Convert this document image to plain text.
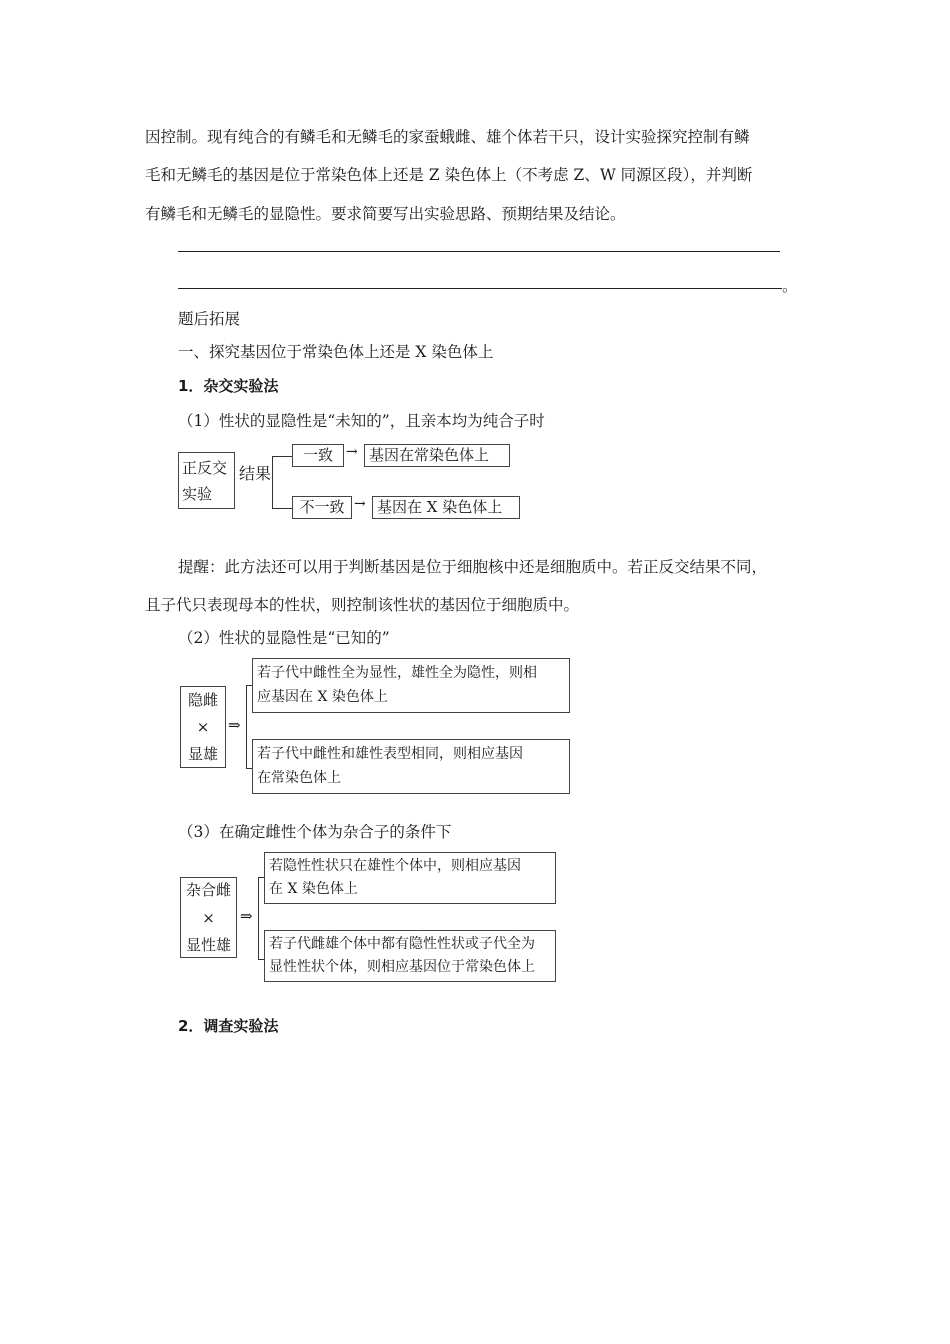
因控制。现有纯合的有鳞毛和无鳞毛的家蚕蛾雌、雄个体若干只，设计实验探究控制有鳞
毛和无鳞毛的基因是位于常染色体上还是 Z 染色体上（不考虑 Z、W 同源区段），并判断
有鳞毛和无鳞毛的显隐性。要求简要写出实验思路、预期结果及结论。
。
题后拓展
一、探究基因位于常染色体上还是 X 染色体上
1．杂交实验法
（1）性状的显隐性是“未知的”，且亲本均为纯合子时
正反交
实验
结果
一致 → 基因在常染色体上
不一致 → 基因在 X 染色体上
提醒：此方法还可以用于判断基因是位于细胞核中还是细胞质中。若正反交结果不同，
且子代只表现母本的性状，则控制该性状的基因位于细胞质中。
（2）性状的显隐性是“已知的”
隐雌
×
显雄
⇒
若子代中雌性全为显性，雄性全为隐性，则相
应基因在 X 染色体上
若子代中雌性和雄性表型相同，则相应基因
在常染色体上
（3）在确定雌性个体为杂合子的条件下
杂合雌
×
显性雄
⇒
若隐性性状只在雄性个体中，则相应基因
在 X 染色体上
若子代雌雄个体中都有隐性性状或子代全为
显性性状个体，则相应基因位于常染色体上
2．调查实验法
